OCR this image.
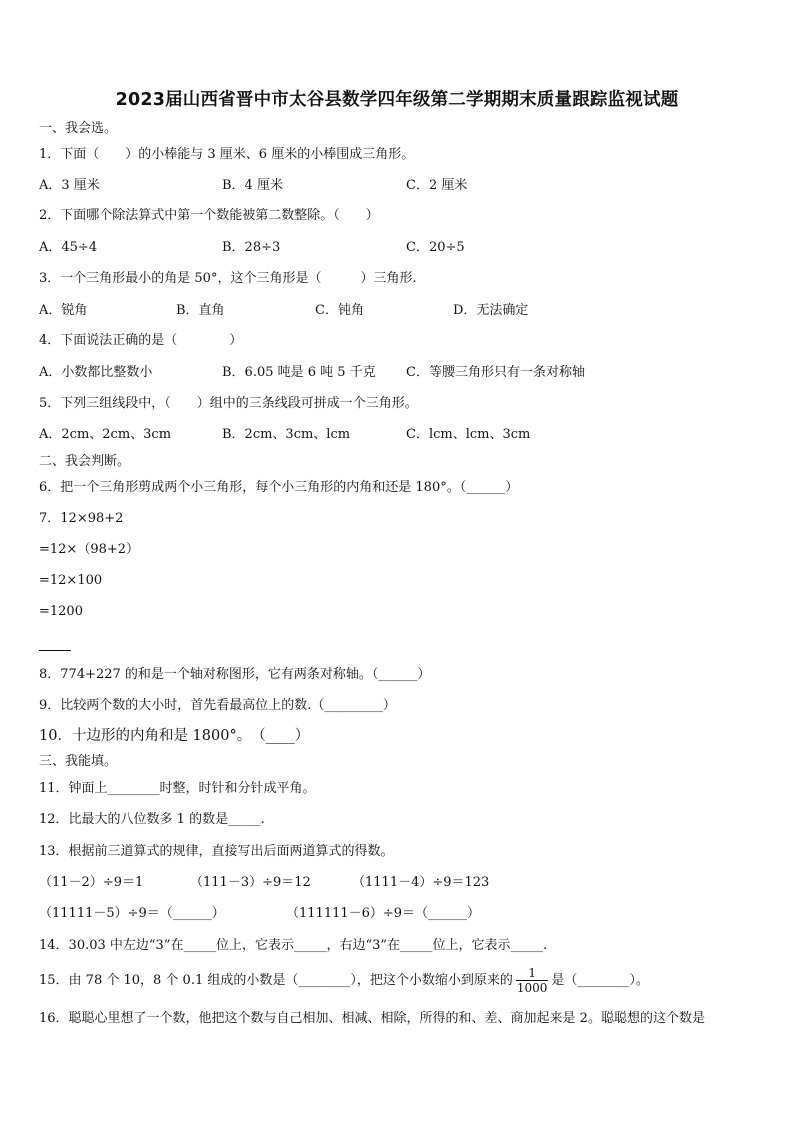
2023届山西省晋中市太谷县数学四年级第二学期期末质量跟踪监视试题
一、我会选。
1．下面（　　）的小棒能与 3 厘米、6 厘米的小棒围成三角形。
A．3 厘米	B．4 厘米	C．2 厘米
2．下面哪个除法算式中第一个数能被第二数整除。（　　）
A．45÷4	B．28÷3	C．20÷5
3．一个三角形最小的角是 50°，这个三角形是（　　　）三角形.
A．锐角	B．直角	C．钝角	D．无法确定
4．下面说法正确的是（　　　　）
A．小数都比整数小	B．6.05 吨是 6 吨 5 千克 C．等腰三角形只有一条对称轴
5．下列三组线段中，（　　）组中的三条线段可拼成一个三角形。
A．2cm、2cm、3cm	B．2cm、3cm、lcm	C．lcm、lcm、3cm
二、我会判断。
6．把一个三角形剪成两个小三角形，每个小三角形的内角和还是 180°。（______）
7．12×98+2
=12×（98+2）
=12×100
=1200
8．774+227 的和是一个轴对称图形，它有两条对称轴。（______）
9．比较两个数的大小时，首先看最高位上的数.（_________）
10．十边形的内角和是 1800°。　（____）
三、我能填。
11．钟面上________时整，时针和分针成平角。
12．比最大的八位数多 1 的数是_____.
13．根据前三道算式的规律，直接写出后面两道算式的得数。
（11－2）÷9＝1	（111－3）÷9＝12	（1111－4）÷9＝123
（11111－5）÷9＝（______）	（111111－6）÷9＝（______）
14．30.03 中左边“3”在_____位上，它表示_____，右边“3”在_____位上，它表示_____.
15．由 78 个 10，8 个 0.1 组成的小数是（________），把这个小数缩小到原来的 $\frac{1}{1000}$ 是（________）。
16．聪聪心里想了一个数，他把这个数与自己相加、相减、相除，所得的和、差、商加起来是 2。聪聪想的这个数是
